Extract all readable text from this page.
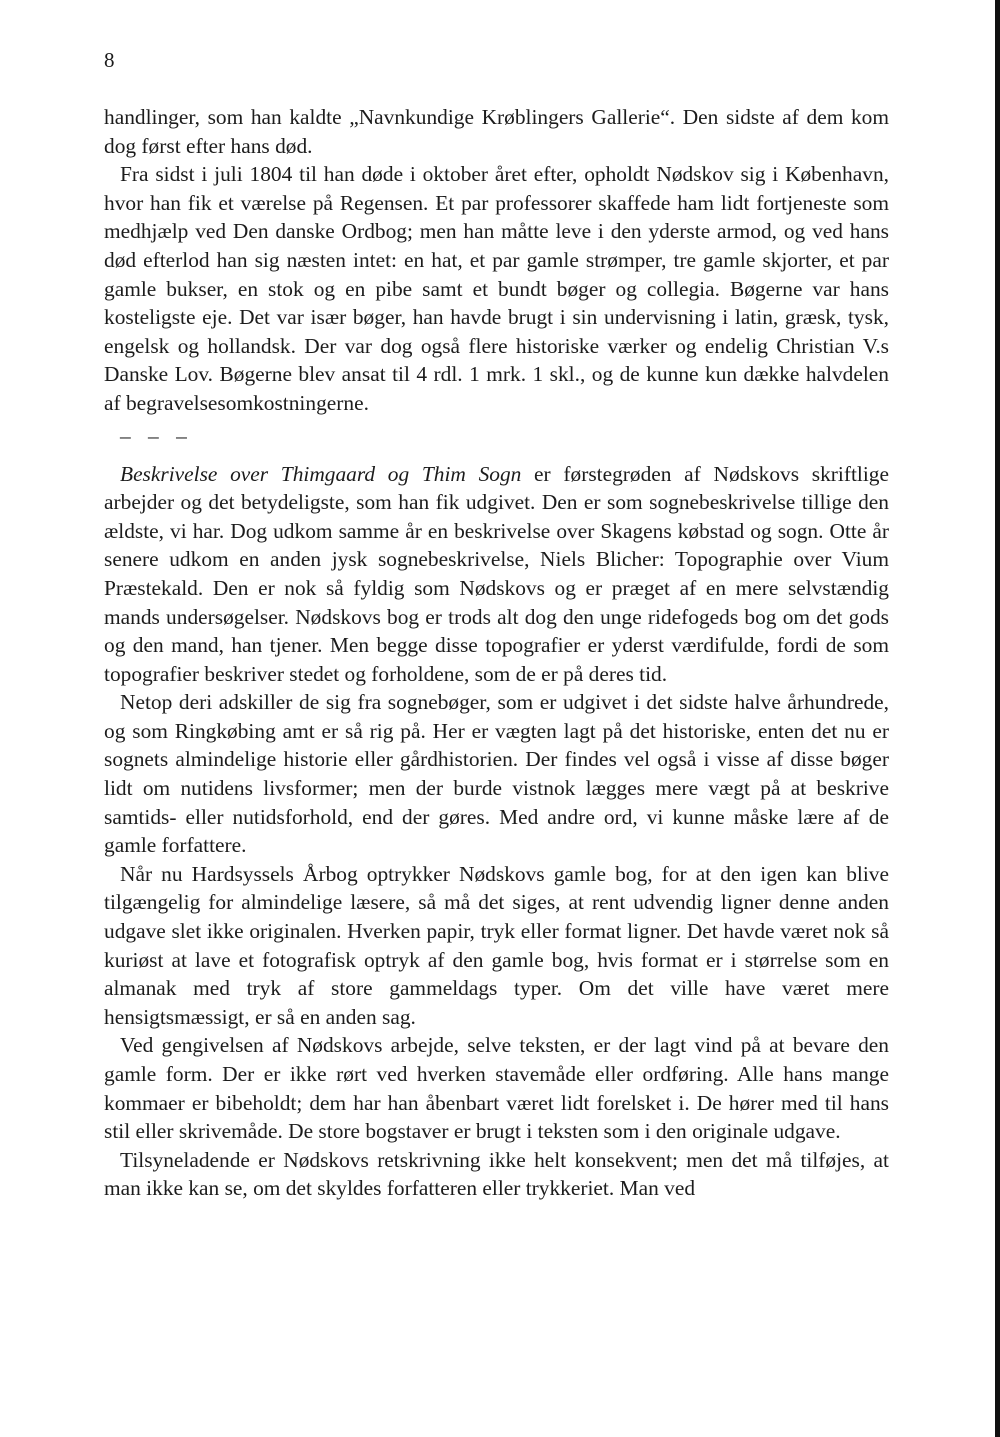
8

handlinger, som han kaldte „Navnkundige Krøblingers Gallerie“. Den sidste af dem kom dog først efter hans død.

Fra sidst i juli 1804 til han døde i oktober året efter, opholdt Nødskov sig i København, hvor han fik et værelse på Regensen. Et par professorer skaffede ham lidt fortjeneste som medhjælp ved Den danske Ordbog; men han måtte leve i den yderste armod, og ved hans død efterlod han sig næsten intet: en hat, et par gamle strømper, tre gamle skjorter, et par gamle bukser, en stok og en pibe samt et bundt bøger og collegia. Bøgerne var hans kosteligste eje. Det var især bøger, han havde brugt i sin undervisning i latin, græsk, tysk, engelsk og hollandsk. Der var dog også flere historiske værker og endelig Christian V.s Danske Lov. Bøgerne blev ansat til 4 rdl. 1 mrk. 1 skl., og de kunne kun dække halvdelen af begravelsesomkostningerne.

– – –

Beskrivelse over Thimgaard og Thim Sogn er førstegrøden af Nødskovs skriftlige arbejder og det betydeligste, som han fik udgivet. Den er som sognebeskrivelse tillige den ældste, vi har. Dog udkom samme år en beskrivelse over Skagens købstad og sogn. Otte år senere udkom en anden jysk sognebeskrivelse, Niels Blicher: Topographie over Vium Præstekald. Den er nok så fyldig som Nødskovs og er præget af en mere selvstændig mands undersøgelser. Nødskovs bog er trods alt dog den unge ridefogeds bog om det gods og den mand, han tjener. Men begge disse topografier er yderst værdifulde, fordi de som topografier beskriver stedet og forholdene, som de er på deres tid.

Netop deri adskiller de sig fra sognebøger, som er udgivet i det sidste halve århundrede, og som Ringkøbing amt er så rig på. Her er vægten lagt på det historiske, enten det nu er sognets almindelige historie eller gårdhistorien. Der findes vel også i visse af disse bøger lidt om nutidens livsformer; men der burde vistnok lægges mere vægt på at beskrive samtids- eller nutidsforhold, end der gøres. Med andre ord, vi kunne måske lære af de gamle forfattere.

Når nu Hardsyssels Årbog optrykker Nødskovs gamle bog, for at den igen kan blive tilgængelig for almindelige læsere, så må det siges, at rent udvendig ligner denne anden udgave slet ikke originalen. Hverken papir, tryk eller format ligner. Det havde været nok så kuriøst at lave et fotografisk optryk af den gamle bog, hvis format er i størrelse som en almanak med tryk af store gammeldags typer. Om det ville have været mere hensigtsmæssigt, er så en anden sag.

Ved gengivelsen af Nødskovs arbejde, selve teksten, er der lagt vind på at bevare den gamle form. Der er ikke rørt ved hverken stavemåde eller ordføring. Alle hans mange kommaer er bibeholdt; dem har han åbenbart været lidt forelsket i. De hører med til hans stil eller skrivemåde. De store bogstaver er brugt i teksten som i den originale udgave.

Tilsyneladende er Nødskovs retskrivning ikke helt konsekvent; men det må tilføjes, at man ikke kan se, om det skyldes forfatteren eller trykkeriet. Man ved
